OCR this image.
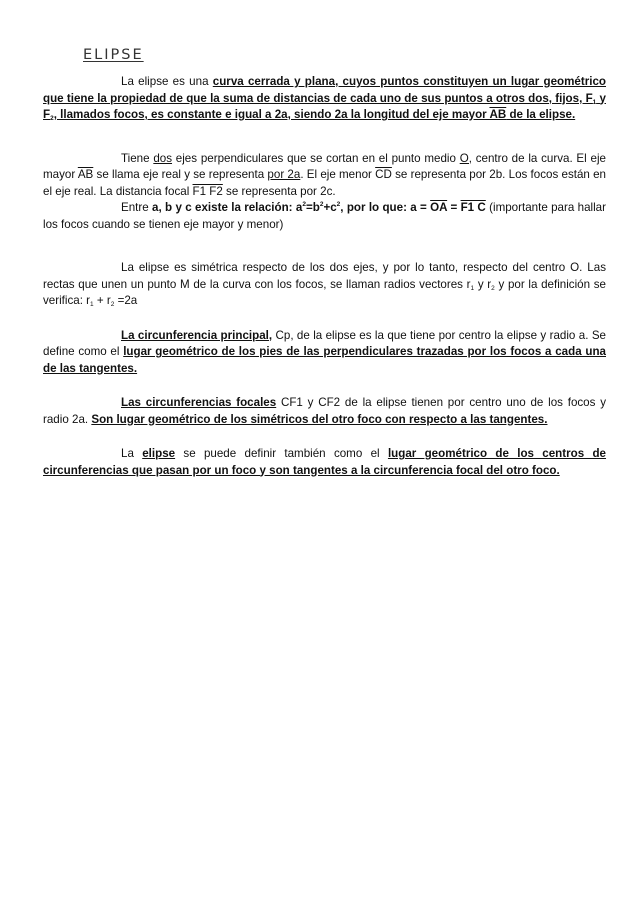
ELIPSE

La elipse es una curva cerrada y plana, cuyos puntos constituyen un lugar geométrico que tiene la propiedad de que la suma de distancias de cada uno de sus puntos a otros dos, fijos, $F_1$ y $F_2$, llamados focos, es constante e igual a 2a, siendo 2a la longitud del eje mayor AB de la elipse.

Tiene dos ejes perpendiculares que se cortan en el punto medio O, centro de la curva. El eje mayor $\overline{AB}$ se llama eje real y se representa por 2a. El eje menor $\overline{CD}$ se representa por 2b. Los focos están en el eje real. La distancia focal F1 F2 se representa por 2c.

Entre a, b y c existe la relación: $a^2=b^2+c^2$, por lo que: $a = \overline{OA} = F1$ C (importante para hallar los focos cuando se tienen eje mayor y menor)

La elipse es simétrica respecto de los dos ejes, y por lo tanto, respecto del centro O. Las rectas que unen un punto M de la curva con los focos, se llaman radios vectores $r_1$ y $r_2$ y por la definición se verifica: $r_1 + r_2 =2a$

La circunferencia principal, Cp, de la elipse es la que tiene por centro la elipse y radio a. Se define como el lugar geométrico de los pies de las perpendiculares trazadas por los focos a cada una de las tangentes.

Las circunferencias focales CF1 y CF2 de la elipse tienen por centro uno de los focos y radio 2a. Son lugar geométrico de los simétricos del otro foco con respecto a las tangentes.

La elipse se puede definir también como el lugar geométrico de los centros de circunferencias que pasan por un foco y son tangentes a la circunferencia focal del otro foco.
